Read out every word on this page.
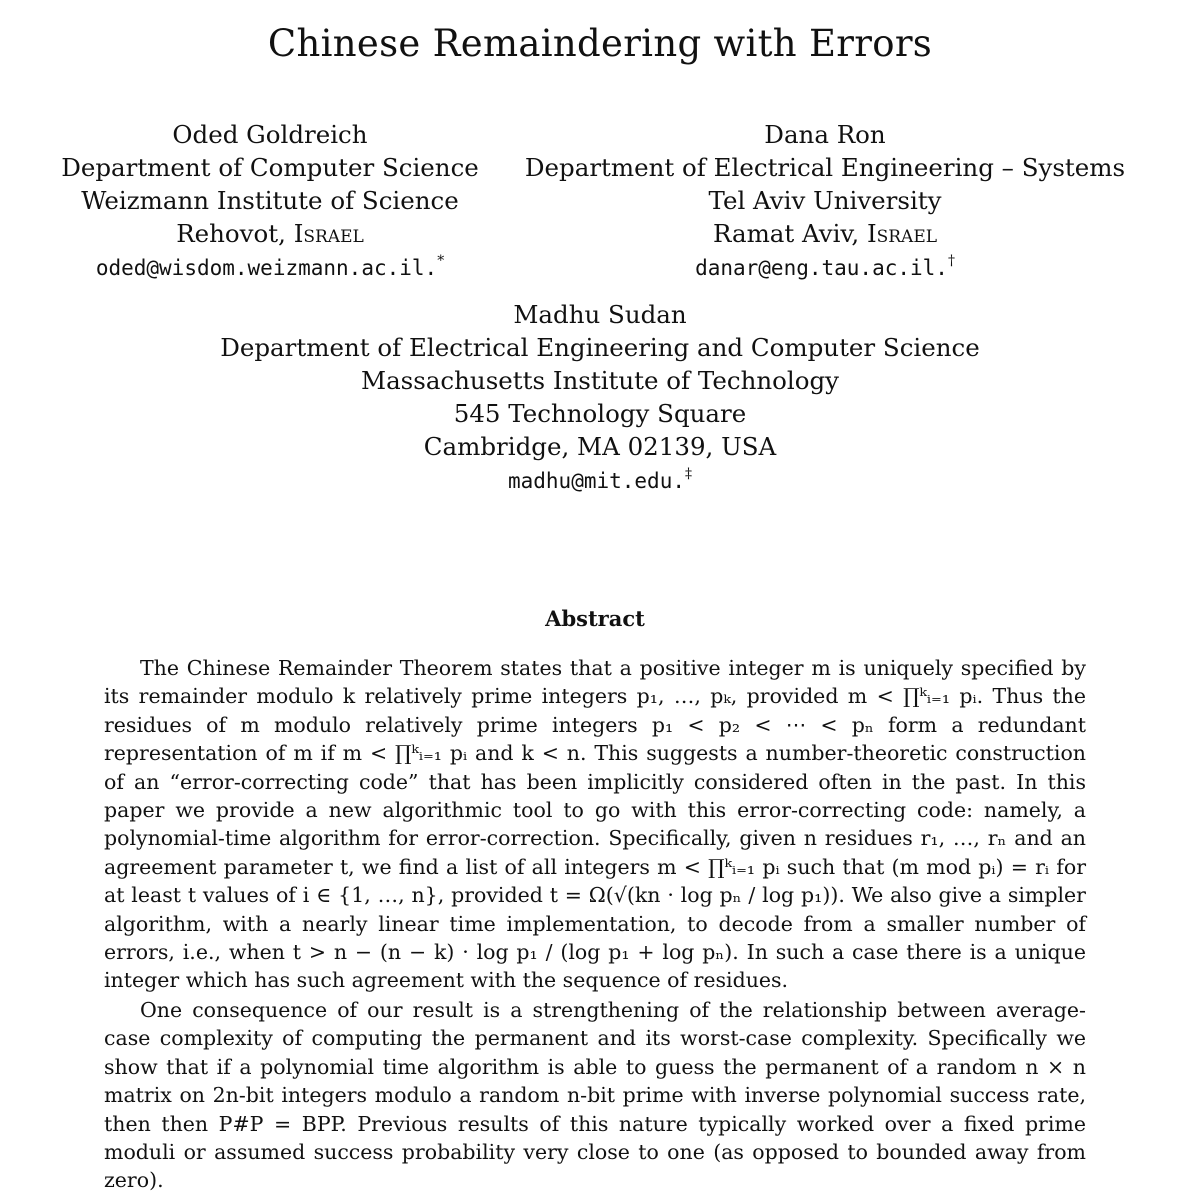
Chinese Remaindering with Errors
Oded Goldreich
Department of Computer Science
Weizmann Institute of Science
Rehovot, Israel
oded@wisdom.weizmann.ac.il.*
Dana Ron
Department of Electrical Engineering – Systems
Tel Aviv University
Ramat Aviv, Israel
danar@eng.tau.ac.il.†
Madhu Sudan
Department of Electrical Engineering and Computer Science
Massachusetts Institute of Technology
545 Technology Square
Cambridge, MA 02139, USA
madhu@mit.edu.‡
Abstract

The Chinese Remainder Theorem states that a positive integer m is uniquely specified by its remainder modulo k relatively prime integers p₁, …, pₖ, provided m < ∏ᵏᵢ₌₁ pᵢ. Thus the residues of m modulo relatively prime integers p₁ < p₂ < ⋯ < pₙ form a redundant representation of m if m < ∏ᵏᵢ₌₁ pᵢ and k < n. This suggests a number-theoretic construction of an “error-correcting code” that has been implicitly considered often in the past. In this paper we provide a new algorithmic tool to go with this error-correcting code: namely, a polynomial-time algorithm for error-correction. Specifically, given n residues r₁, …, rₙ and an agreement parameter t, we find a list of all integers m < ∏ᵏᵢ₌₁ pᵢ such that (m mod pᵢ) = rᵢ for at least t values of i ∈ {1, …, n}, provided t = Ω(√(kn · log pₙ / log p₁)). We also give a simpler algorithm, with a nearly linear time implementation, to decode from a smaller number of errors, i.e., when t > n − (n − k) · log p₁ / (log p₁ + log pₙ). In such a case there is a unique integer which has such agreement with the sequence of residues.

One consequence of our result is a strengthening of the relationship between average-case complexity of computing the permanent and its worst-case complexity. Specifically we show that if a polynomial time algorithm is able to guess the permanent of a random n × n matrix on 2n-bit integers modulo a random n-bit prime with inverse polynomial success rate, then then P#P = BPP. Previous results of this nature typically worked over a fixed prime moduli or assumed success probability very close to one (as opposed to bounded away from zero).
